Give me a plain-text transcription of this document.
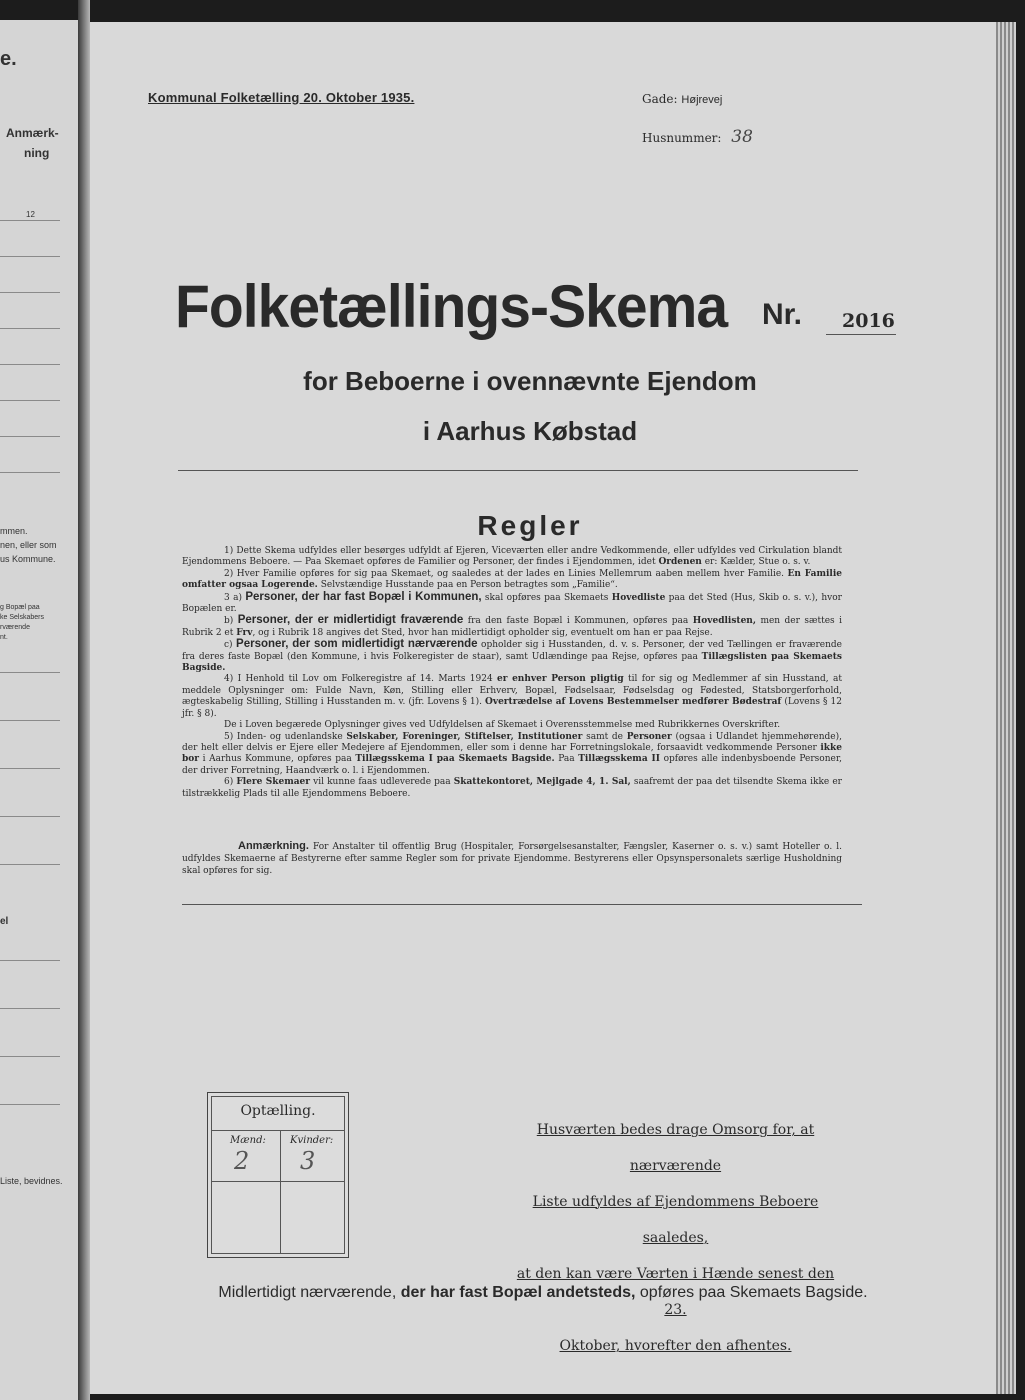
e.
Anmærk-
ning
12
mmen.
nen, eller som
us Kommune.
g Bopæl paa
ke Selskabers
rværende
nt.
el
Liste, bevidnes.
Kommunal Folketælling 20. Oktober 1935.	Gade: Højrevej
Husnummer: 38
Folketællings-Skema Nr. 2016
for Beboerne i ovennævnte Ejendom
i Aarhus Købstad
Regler

1) Dette Skema udfyldes eller besørges udfyldt af Ejeren, Viceværten eller andre Vedkommende, eller udfyldes ved Cirkulation blandt Ejendommens Beboere. — Paa Skemaet opføres de Familier og Personer, der findes i Ejendommen, idet Ordenen er: Kælder, Stue o. s. v.

2) Hver Familie opføres for sig paa Skemaet, og saaledes at der lades en Linies Mellemrum aaben mellem hver Familie. En Familie omfatter ogsaa Logerende. Selvstændige Husstande paa en Person betragtes som „Familie“.

3 a) Personer, der har fast Bopæl i Kommunen, skal opføres paa Skemaets Hovedliste paa det Sted (Hus, Skib o. s. v.), hvor Bopælen er.

b) Personer, der er midlertidigt fraværende fra den faste Bopæl i Kommunen, opføres paa Hovedlisten, men der sættes i Rubrik 2 et Frv, og i Rubrik 18 angives det Sted, hvor han midlertidigt opholder sig, eventuelt om han er paa Rejse.

c) Personer, der som midlertidigt nærværende opholder sig i Husstanden, d. v. s. Personer, der ved Tællingen er fraværende fra deres faste Bopæl (den Kommune, i hvis Folkeregister de staar), samt Udlændinge paa Rejse, opføres paa Tillægslisten paa Skemaets Bagside.

4) I Henhold til Lov om Folkeregistre af 14. Marts 1924 er enhver Person pligtig til for sig og Medlemmer af sin Husstand, at meddele Oplysninger om: Fulde Navn, Køn, Stilling eller Erhverv, Bopæl, Fødselsaar, Fødselsdag og Fødested, Statsborgerforhold, ægteskabelig Stilling, Stilling i Husstanden m. v. (jfr. Lovens § 1). Overtrædelse af Lovens Bestemmelser medfører Bødestraf (Lovens § 12 jfr. § 8).

De i Loven begærede Oplysninger gives ved Udfyldelsen af Skemaet i Overensstemmelse med Rubrikkernes Overskrifter.

5) Inden- og udenlandske Selskaber, Foreninger, Stiftelser, Institutioner samt de Personer (ogsaa i Udlandet hjemmehørende), der helt eller delvis er Ejere eller Medejere af Ejendommen, eller som i denne har Forretningslokale, forsaavidt vedkommende Personer ikke bor i Aarhus Kommune, opføres paa Tillægsskema I paa Skemaets Bagside. Paa Tillægsskema II opføres alle indenbysboende Personer, der driver Forretning, Haandværk o. l. i Ejendommen.

6) Flere Skemaer vil kunne faas udleverede paa Skattekontoret, Mejlgade 4, 1. Sal, saafremt der paa det tilsendte Skema ikke er tilstrækkelig Plads til alle Ejendommens Beboere.

Anmærkning. For Anstalter til offentlig Brug (Hospitaler, Forsørgelsesanstalter, Fængsler, Kaserner o. s. v.) samt Hoteller o. l. udfyldes Skemaerne af Bestyrerne efter samme Regler som for private Ejendomme. Bestyrerens eller Opsynspersonalets særlige Husholdning skal opføres for sig.
Optælling.
Mænd: Kvinder:
2 3
Husværten bedes drage Omsorg for, at nærværende
Liste udfyldes af Ejendommens Beboere saaledes,
at den kan være Værten i Hænde senest den 23.
Oktober, hvorefter den afhentes.
Midlertidigt nærværende, der har fast Bopæl andetsteds, opføres paa Skemaets Bagside.
